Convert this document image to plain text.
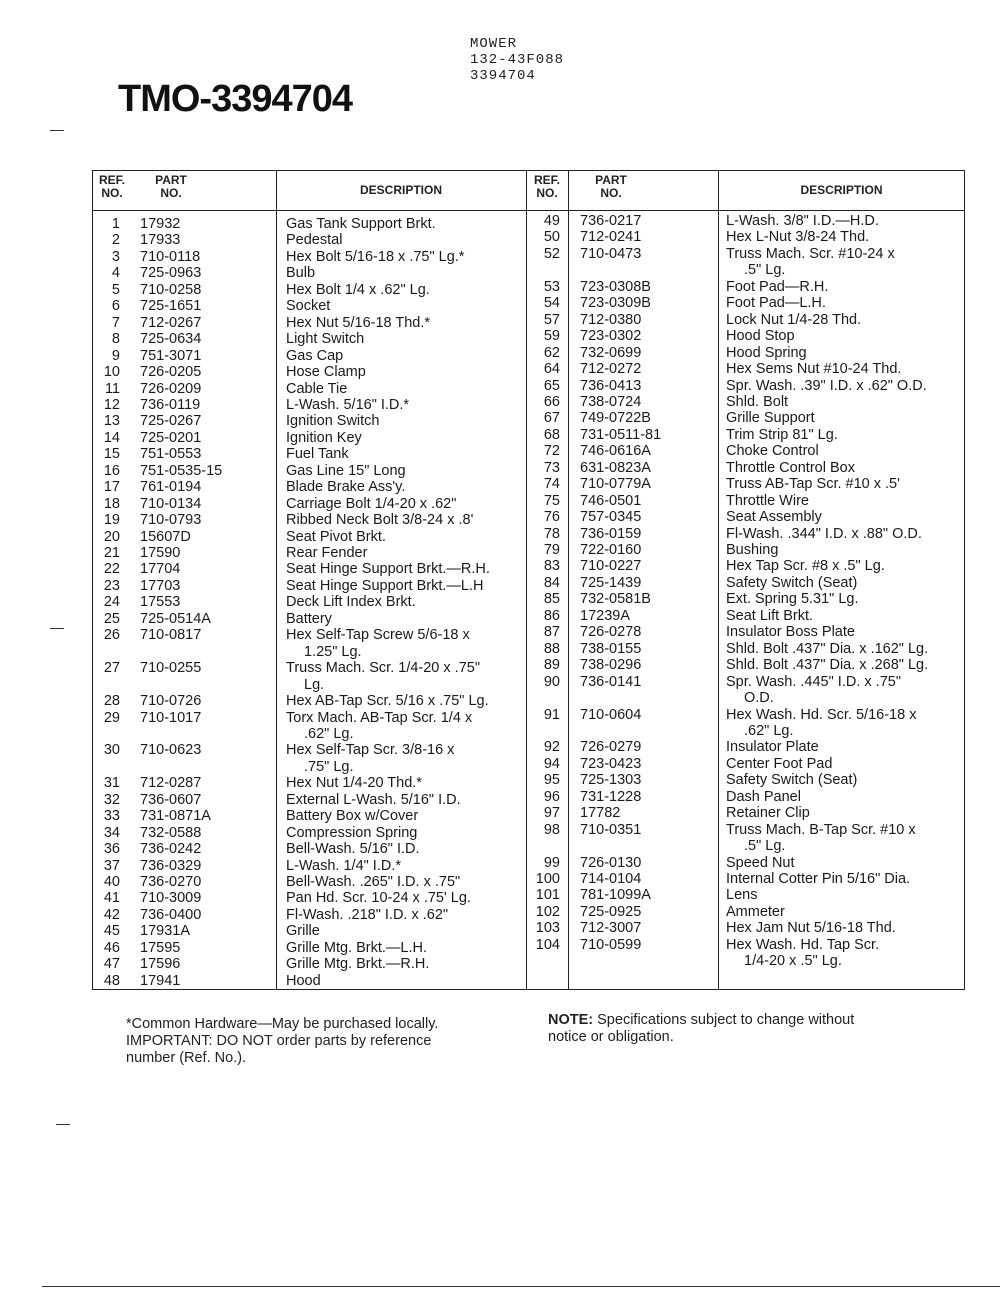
MOWER
132-43F088
3394704
TMO-3394704
REF.
NO.
PART
NO.	DESCRIPTION
REF.
NO.
PART
NO.	DESCRIPTION
1 17932	Gas Tank Support Brkt.
2 17933	Pedestal
3 710-0118	Hex Bolt 5/16-18 x .75" Lg.*
4 725-0963	Bulb
5 710-0258	Hex Bolt 1/4 x .62" Lg.
6 725-1651	Socket
7 712-0267	Hex Nut 5/16-18 Thd.*
8 725-0634	Light Switch
9 751-3071	Gas Cap
10 726-0205	Hose Clamp
11 726-0209	Cable Tie
12 736-0119	L-Wash. 5/16" I.D.*
13 725-0267	Ignition Switch
14 725-0201	Ignition Key
15 751-0553	Fuel Tank
16 751-0535-15	Gas Line 15" Long
17 761-0194	Blade Brake Ass'y.
18 710-0134	Carriage Bolt 1/4-20 x .62"
19 710-0793	Ribbed Neck Bolt 3/8-24 x .8'
20 15607D	Seat Pivot Brkt.
21 17590	Rear Fender
22 17704	Seat Hinge Support Brkt.—R.H.
23 17703	Seat Hinge Support Brkt.—L.H
24 17553	Deck Lift Index Brkt.
25 725-0514A	Battery
26 710-0817	Hex Self-Tap Screw 5/6-18 x
1.25" Lg.
27 710-0255	Truss Mach. Scr. 1/4-20 x .75"
Lg.
28 710-0726	Hex AB-Tap Scr. 5/16 x .75" Lg.
29 710-1017	Torx Mach. AB-Tap Scr. 1/4 x
.62" Lg.
30 710-0623	Hex Self-Tap Scr. 3/8-16 x
.75" Lg.
31 712-0287	Hex Nut 1/4-20 Thd.*
32 736-0607	External L-Wash. 5/16" I.D.
33 731-0871A	Battery Box w/Cover
34 732-0588	Compression Spring
36 736-0242	Bell-Wash. 5/16" I.D.
37 736-0329	L-Wash. 1/4" I.D.*
40 736-0270	Bell-Wash. .265" I.D. x .75"
41 710-3009	Pan Hd. Scr. 10-24 x .75' Lg.
42 736-0400	Fl-Wash. .218" I.D. x .62"
45 17931A	Grille
46 17595	Grille Mtg. Brkt.—L.H.
47 17596	Grille Mtg. Brkt.—R.H.
48 17941	Hood
49 736-0217	L-Wash. 3/8" I.D.—H.D.
50 712-0241	Hex L-Nut 3/8-24 Thd.
52 710-0473	Truss Mach. Scr. #10-24 x
.5" Lg.
53 723-0308B	Foot Pad—R.H.
54 723-0309B	Foot Pad—L.H.
57 712-0380	Lock Nut 1/4-28 Thd.
59 723-0302	Hood Stop
62 732-0699	Hood Spring
64 712-0272	Hex Sems Nut #10-24 Thd.
65 736-0413	Spr. Wash. .39" I.D. x .62" O.D.
66 738-0724	Shld. Bolt
67 749-0722B	Grille Support
68 731-0511-81	Trim Strip 81" Lg.
72 746-0616A	Choke Control
73 631-0823A	Throttle Control Box
74 710-0779A	Truss AB-Tap Scr. #10 x .5'
75 746-0501	Throttle Wire
76 757-0345	Seat Assembly
78 736-0159	Fl-Wash. .344" I.D. x .88" O.D.
79 722-0160	Bushing
83 710-0227	Hex Tap Scr. #8 x .5" Lg.
84 725-1439	Safety Switch (Seat)
85 732-0581B	Ext. Spring 5.31" Lg.
86 17239A	Seat Lift Brkt.
87 726-0278	Insulator Boss Plate
88 738-0155	Shld. Bolt .437" Dia. x .162" Lg.
89 738-0296	Shld. Bolt .437" Dia. x .268" Lg.
90 736-0141	Spr. Wash. .445" I.D. x .75"
O.D.
91 710-0604	Hex Wash. Hd. Scr. 5/16-18 x
.62" Lg.
92 726-0279	Insulator Plate
94 723-0423	Center Foot Pad
95 725-1303	Safety Switch (Seat)
96 731-1228	Dash Panel
97 17782	Retainer Clip
98 710-0351	Truss Mach. B-Tap Scr. #10 x
.5" Lg.
99 726-0130	Speed Nut
100 714-0104	Internal Cotter Pin 5/16" Dia.
101 781-1099A	Lens
102 725-0925	Ammeter
103 712-3007	Hex Jam Nut 5/16-18 Thd.
104 710-0599	Hex Wash. Hd. Tap Scr.
1/4-20 x .5" Lg.
*Common Hardware—May be purchased locally.
IMPORTANT: DO NOT order parts by reference
number (Ref. No.).
NOTE: Specifications subject to change without
notice or obligation.
